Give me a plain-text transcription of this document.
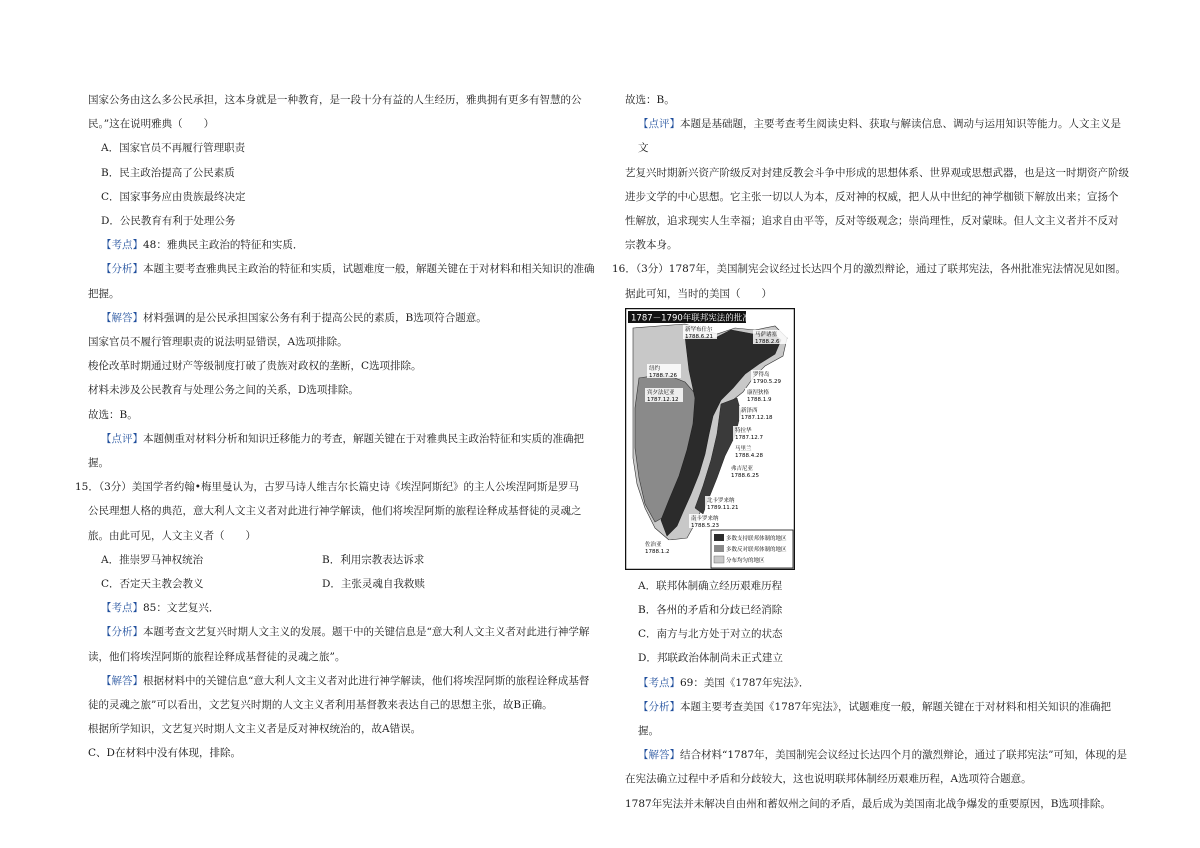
国家公务由这么多公民承担，这本身就是一种教育，是一段十分有益的人生经历，雅典拥有更多有智慧的公

民。”这在说明雅典（　　）

A．国家官员不再履行管理职责

B．民主政治提高了公民素质

C．国家事务应由贵族最终决定

D．公民教育有利于处理公务

【考点】48：雅典民主政治的特征和实质．

【分析】本题主要考查雅典民主政治的特征和实质，试题难度一般，解题关键在于对材料和相关知识的准确

把握。

【解答】材料强调的是公民承担国家公务有利于提高公民的素质，B选项符合题意。

国家官员不履行管理职责的说法明显错误，A选项排除。

梭伦改革时期通过财产等级制度打破了贵族对政权的垄断，C选项排除。

材料未涉及公民教育与处理公务之间的关系，D选项排除。

故选：B。

【点评】本题侧重对材料分析和知识迁移能力的考查，解题关键在于对雅典民主政治特征和实质的准确把

握。

15．（3分）美国学者约翰•梅里曼认为，古罗马诗人维吉尔长篇史诗《埃涅阿斯纪》的主人公埃涅阿斯是罗马

公民理想人格的典范，意大利人文主义者对此进行神学解读，他们将埃涅阿斯的旅程诠释成基督徒的灵魂之

旅。由此可见，人文主义者（　　）

A．推崇罗马神权统治	B．利用宗教表达诉求
C．否定天主教会教义	D．主张灵魂自我救赎

【考点】85：文艺复兴．

【分析】本题考查文艺复兴时期人文主义的发展。题干中的关键信息是“意大利人文主义者对此进行神学解

读，他们将埃涅阿斯的旅程诠释成基督徒的灵魂之旅”。

【解答】根据材料中的关键信息“意大利人文主义者对此进行神学解读，他们将埃涅阿斯的旅程诠释成基督

徒的灵魂之旅”可以看出，文艺复兴时期的人文主义者利用基督教来表达自己的思想主张，故B正确。

根据所学知识，文艺复兴时期人文主义者是反对神权统治的，故A错误。

C、D在材料中没有体现，排除。

故选：B。

【点评】本题是基础题，主要考查考生阅读史料、获取与解读信息、调动与运用知识等能力。人文主义是文

艺复兴时期新兴资产阶级反对封建反教会斗争中形成的思想体系、世界观或思想武器，也是这一时期资产阶级

进步文学的中心思想。它主张一切以人为本，反对神的权威，把人从中世纪的神学枷锁下解放出来；宣扬个

性解放，追求现实人生幸福；追求自由平等，反对等级观念；崇尚理性，反对蒙昧。但人文主义者并不反对

宗教本身。

16．（3分）1787年，美国制宪会议经过长达四个月的激烈辩论，通过了联邦宪法，各州批准宪法情况见如图。

据此可知，当时的美国（　　）

1787－1790年联邦宪法的批准
新罕布什尔
1788.6.21	马萨诸塞
1788.2.6
罗得岛
1790.5.29
纽约
1788.7.26
康涅狄格
1788.1.9
宾夕法尼亚
1787.12.12
新泽西
1787.12.18
特拉华
1787.12.7
马里兰
1788.4.28
弗吉尼亚
1788.6.25
北卡罗来纳
1789.11.21
南卡罗来纳
1788.5.23
佐治亚
1788.1.2
多数支持联邦体制的地区
多数反对联邦体制的地区
分布均匀的地区

A．联邦体制确立经历艰难历程

B．各州的矛盾和分歧已经消除

C．南方与北方处于对立的状态

D．邦联政治体制尚未正式建立

【考点】69：美国《1787年宪法》．

【分析】本题主要考查美国《1787年宪法》，试题难度一般，解题关键在于对材料和相关知识的准确把握。

【解答】结合材料“1787年，美国制宪会议经过长达四个月的激烈辩论，通过了联邦宪法”可知，体现的是

在宪法确立过程中矛盾和分歧较大，这也说明联邦体制经历艰难历程，A选项符合题意。

1787年宪法并未解决自由州和蓄奴州之间的矛盾，最后成为美国南北战争爆发的重要原因，B选项排除。
